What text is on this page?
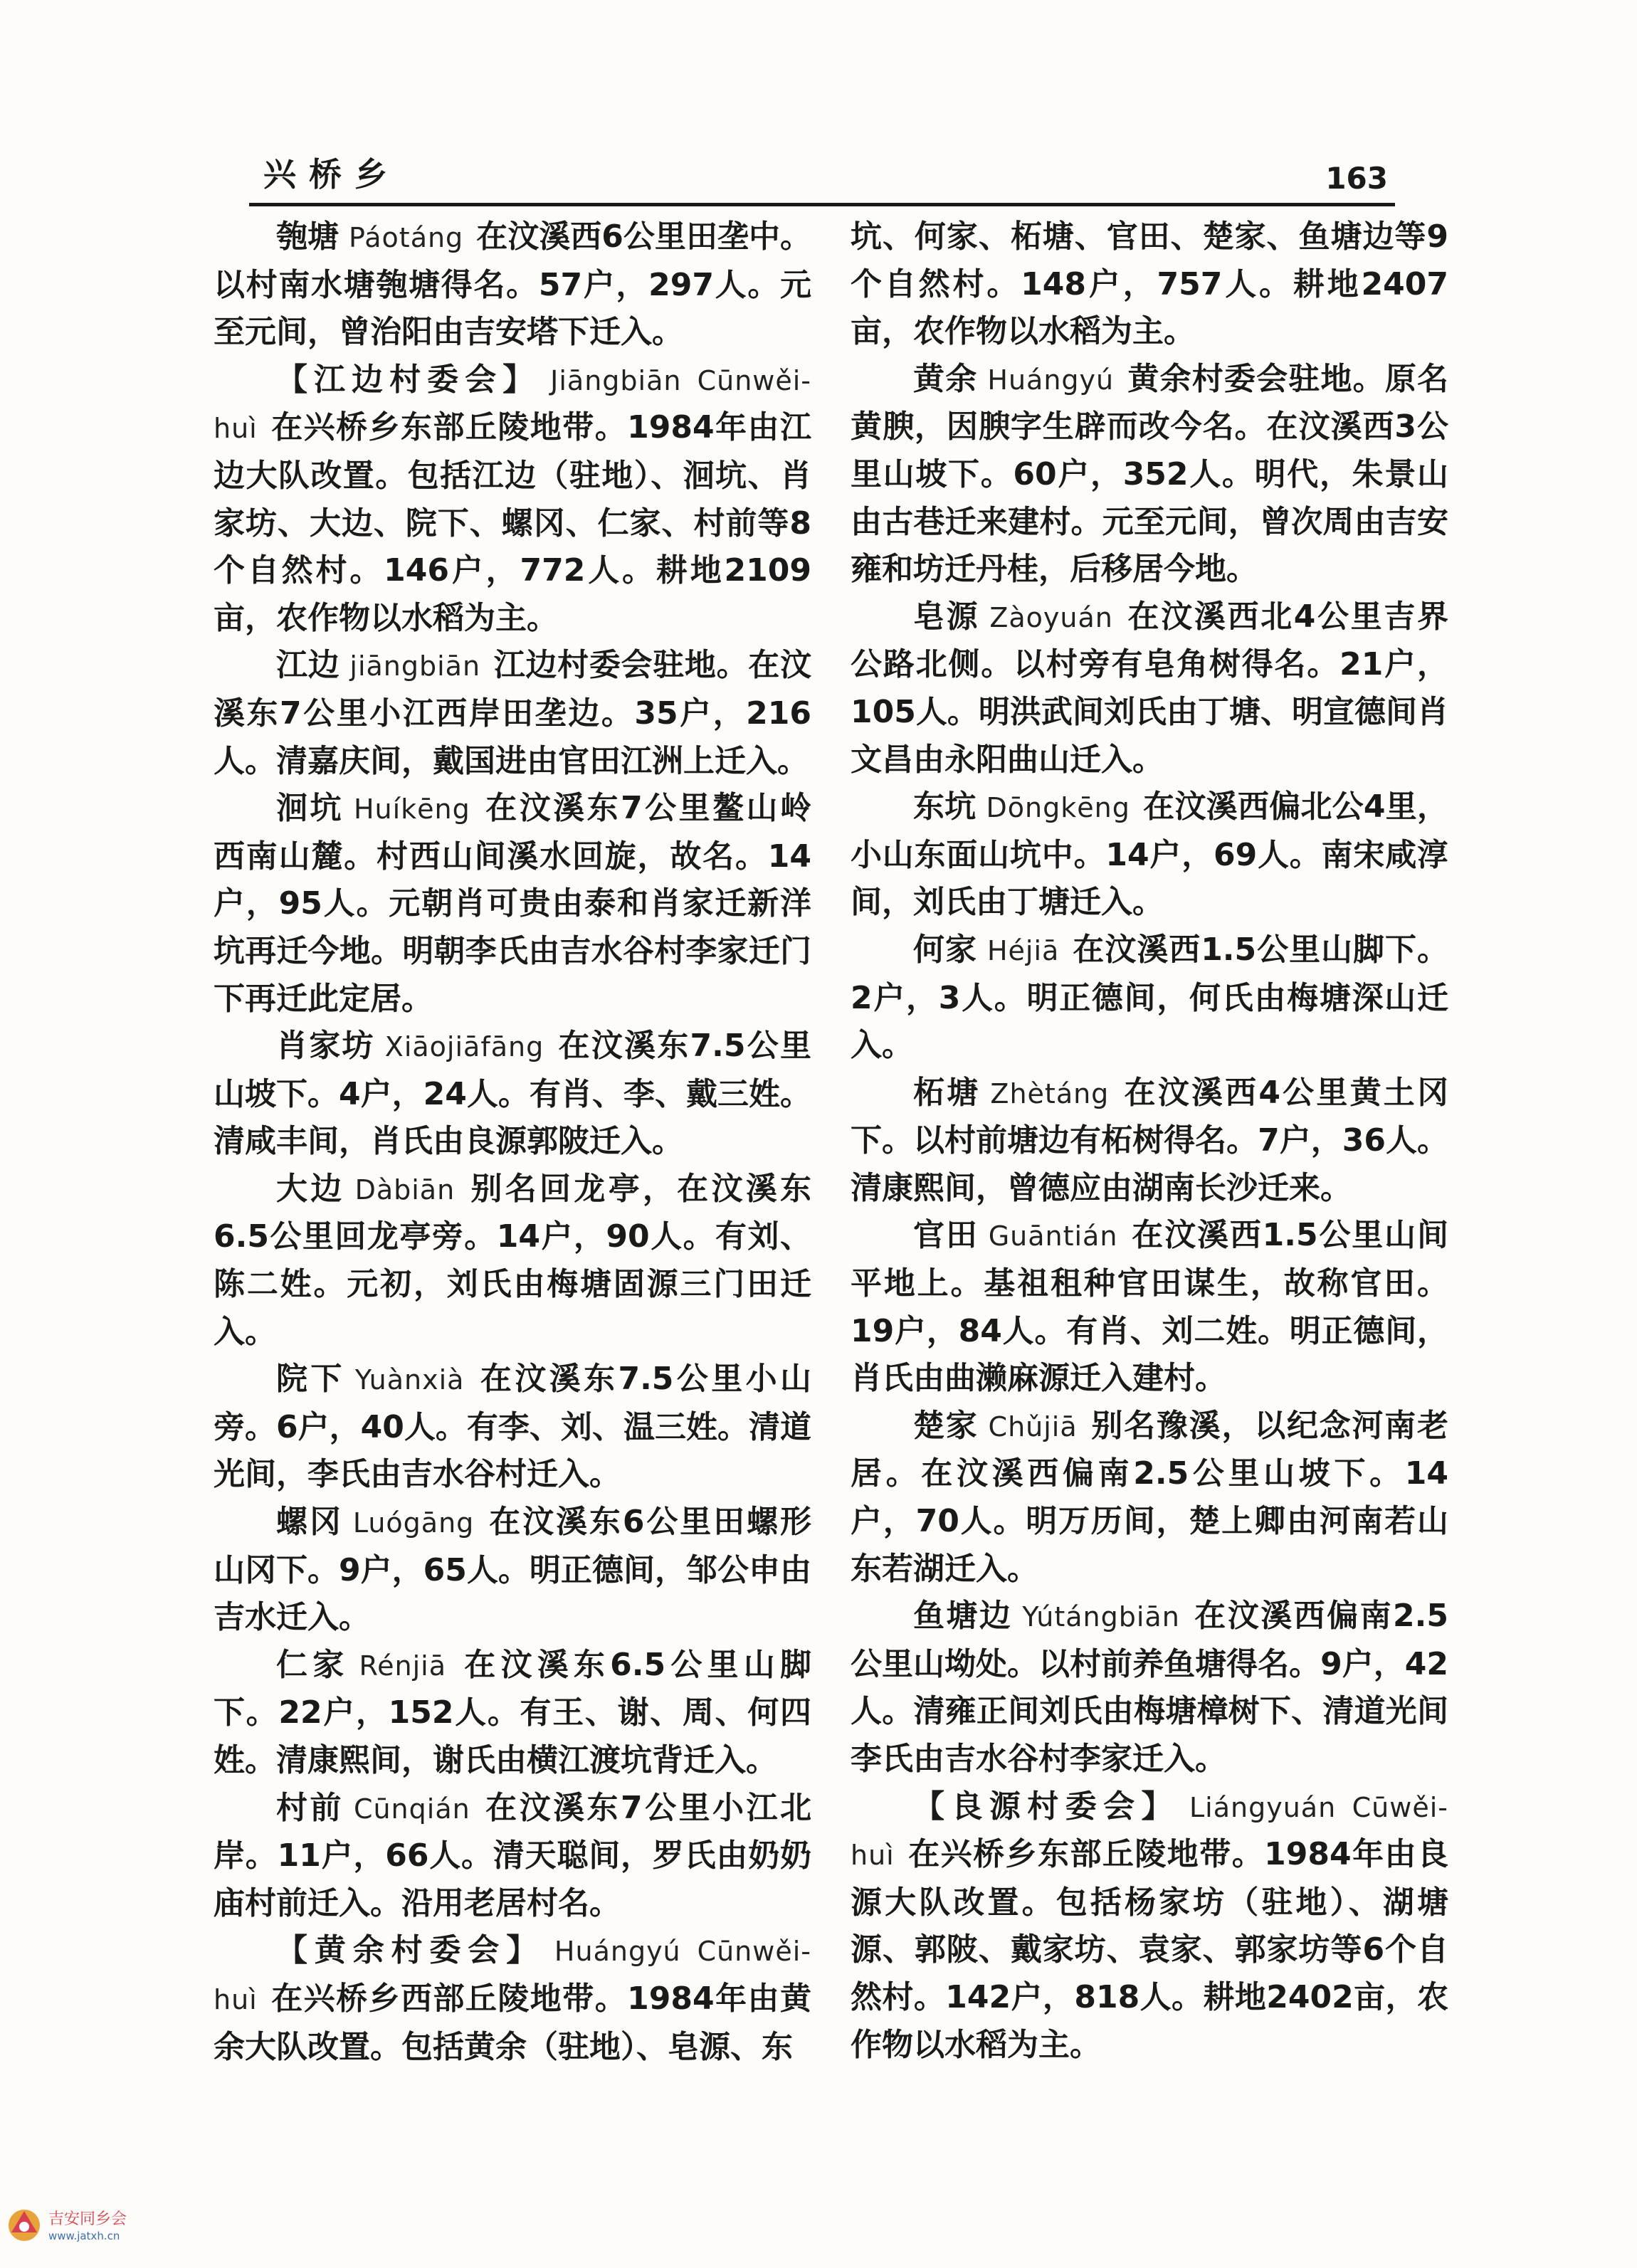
兴桥乡	163

匏塘 Páotáng 在汶溪西6公里田垄中。以村南水塘匏塘得名。57户，297人。元至元间，曾治阳由吉安塔下迁入。

【江边村委会】 Jiāngbiān Cūnwěi-huì 在兴桥乡东部丘陵地带。1984年由江边大队改置。包括江边（驻地）、洄坑、肖家坊、大边、院下、螺冈、仁家、村前等8个自然村。146户，772人。耕地2109亩，农作物以水稻为主。

江边 jiāngbiān 江边村委会驻地。在汶溪东7公里小江西岸田垄边。35户，216人。清嘉庆间，戴国进由官田江洲上迁入。

洄坑 Huíkēng 在汶溪东7公里鳌山岭西南山麓。村西山间溪水回旋，故名。14户，95人。元朝肖可贵由泰和肖家迁新洋坑再迁今地。明朝李氏由吉水谷村李家迁门下再迁此定居。

肖家坊 Xiāojiāfāng 在汶溪东7.5公里山坡下。4户，24人。有肖、李、戴三姓。清咸丰间，肖氏由良源郭陂迁入。

大边 Dàbiān 别名回龙亭，在汶溪东6.5公里回龙亭旁。14户，90人。有刘、陈二姓。元初，刘氏由梅塘固源三门田迁入。

院下 Yuànxià 在汶溪东7.5公里小山旁。6户，40人。有李、刘、温三姓。清道光间，李氏由吉水谷村迁入。

螺冈 Luógāng 在汶溪东6公里田螺形山冈下。9户，65人。明正德间，邹公申由吉水迁入。

仁家 Rénjiā 在汶溪东6.5公里山脚下。22户，152人。有王、谢、周、何四姓。清康熙间，谢氏由横江渡坑背迁入。

村前 Cūnqián 在汶溪东7公里小江北岸。11户，66人。清天聪间，罗氏由奶奶庙村前迁入。沿用老居村名。

【黄余村委会】 Huángyú Cūnwěi-huì 在兴桥乡西部丘陵地带。1984年由黄余大队改置。包括黄余（驻地）、皂源、东

坑、何家、柘塘、官田、楚家、鱼塘边等9个自然村。148户，757人。耕地2407亩，农作物以水稻为主。

黄余 Huángyú 黄余村委会驻地。原名黄腴，因腴字生辟而改今名。在汶溪西3公里山坡下。60户，352人。明代，朱景山由古巷迁来建村。元至元间，曾次周由吉安雍和坊迁丹桂，后移居今地。

皂源 Zàoyuán 在汶溪西北4公里吉界公路北侧。以村旁有皂角树得名。21户，105人。明洪武间刘氏由丁塘、明宣德间肖文昌由永阳曲山迁入。

东坑 Dōngkēng 在汶溪西偏北公4里，小山东面山坑中。14户，69人。南宋咸淳间，刘氏由丁塘迁入。

何家 Héjiā 在汶溪西1.5公里山脚下。2户，3人。明正德间，何氏由梅塘深山迁入。

柘塘 Zhètáng 在汶溪西4公里黄土冈下。以村前塘边有柘树得名。7户，36人。清康熙间，曾德应由湖南长沙迁来。

官田 Guāntián 在汶溪西1.5公里山间平地上。基祖租种官田谋生，故称官田。19户，84人。有肖、刘二姓。明正德间，肖氏由曲濑麻源迁入建村。

楚家 Chǔjiā 别名豫溪，以纪念河南老居。在汶溪西偏南2.5公里山坡下。14户，70人。明万历间，楚上卿由河南若山东若湖迁入。

鱼塘边 Yútángbiān 在汶溪西偏南2.5公里山坳处。以村前养鱼塘得名。9户，42人。清雍正间刘氏由梅塘樟树下、清道光间李氏由吉水谷村李家迁入。

【良源村委会】 Liángyuán Cūwěi-huì 在兴桥乡东部丘陵地带。1984年由良源大队改置。包括杨家坊（驻地）、湖塘源、郭陂、戴家坊、袁家、郭家坊等6个自然村。142户，818人。耕地2402亩，农作物以水稻为主。

吉安同乡会
www.jatxh.cn
